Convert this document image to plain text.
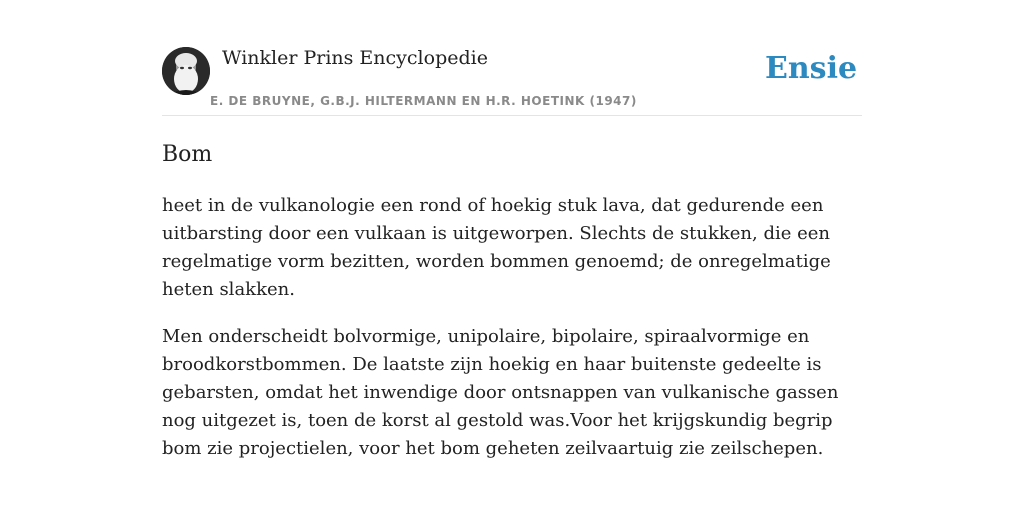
Winkler Prins Encyclopedie
E. DE BRUYNE, G.B.J. HILTERMANN EN H.R. HOETINK (1947)
Ensie
Bom

heet in de vulkanologie een rond of hoekig stuk lava, dat gedurende een uitbarsting door een vulkaan is uitgeworpen. Slechts de stukken, die een regelmatige vorm bezitten, worden bommen genoemd; de onregelmatige heten slakken.

Men onderscheidt bolvormige, unipolaire, bipolaire, spiraalvormige en broodkorstbommen. De laatste zijn hoekig en haar buitenste gedeelte is gebarsten, omdat het inwendige door ontsnappen van vulkanische gassen nog uitgezet is, toen de korst al gestold was.Voor het krijgskundig begrip bom zie projectielen, voor het bom geheten zeilvaartuig zie zeilschepen.
